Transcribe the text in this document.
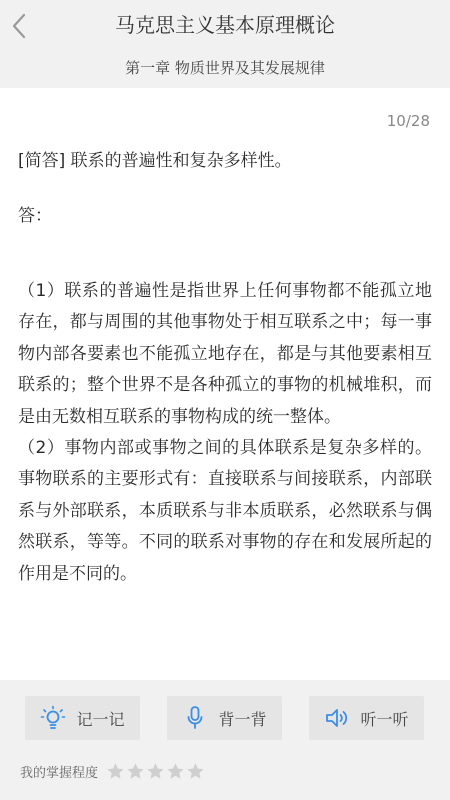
马克思主义基本原理概论
第一章 物质世界及其发展规律
10/28
[简答] 联系的普遍性和复杂多样性。
答：

（1）联系的普遍性是指世界上任何事物都不能孤立地存在，都与周围的其他事物处于相互联系之中；每一事物内部各要素也不能孤立地存在，都是与其他要素相互联系的；整个世界不是各种孤立的事物的机械堆积，而是由无数相互联系的事物构成的统一整体。

（2）事物内部或事物之间的具体联系是复杂多样的。事物联系的主要形式有：直接联系与间接联系，内部联系与外部联系，本质联系与非本质联系，必然联系与偶然联系，等等。不同的联系对事物的存在和发展所起的作用是不同的。

记一记	背一背	听一听
我的掌握程度
